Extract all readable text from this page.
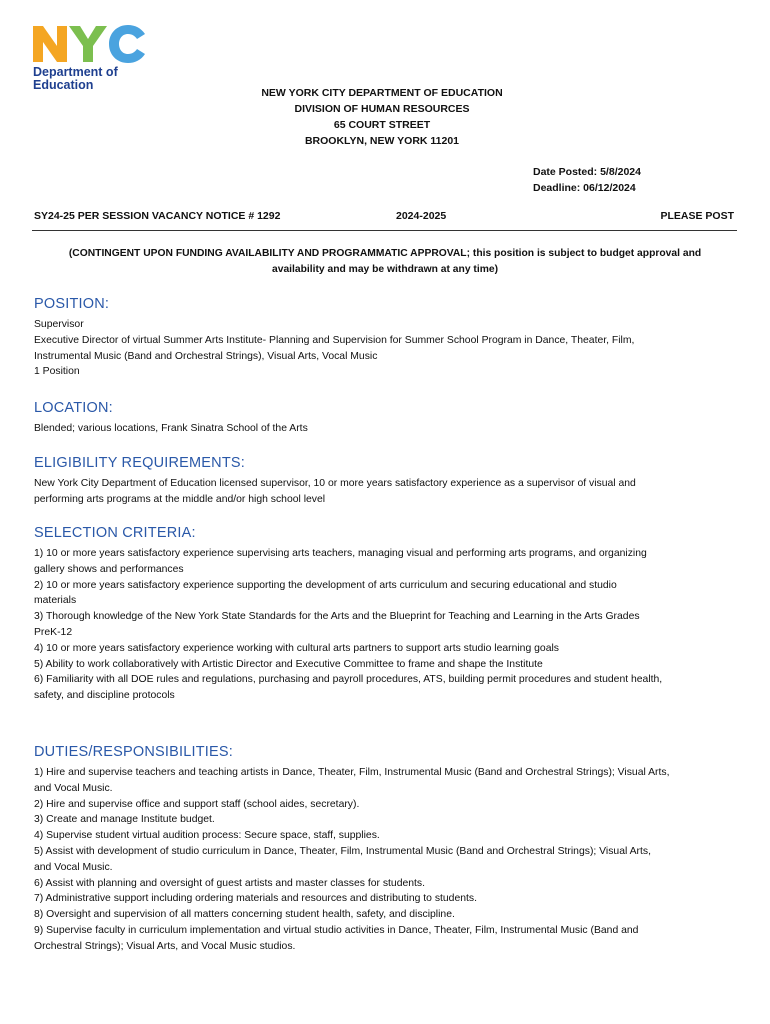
Department of
Education
NEW YORK CITY DEPARTMENT OF EDUCATION
DIVISION OF HUMAN RESOURCES
65 COURT STREET
BROOKLYN, NEW YORK 11201
Date Posted: 5/8/2024
Deadline: 06/12/2024
SY24-25 PER SESSION VACANCY NOTICE # 1292	2024-2025	PLEASE POST
(CONTINGENT UPON FUNDING AVAILABILITY AND PROGRAMMATIC APPROVAL; this position is subject to budget approval and
availability and may be withdrawn at any time)
POSITION:
Supervisor
Executive Director of virtual Summer Arts Institute- Planning and Supervision for Summer School Program in Dance, Theater, Film,
Instrumental Music (Band and Orchestral Strings), Visual Arts, Vocal Music
1 Position
LOCATION:
Blended; various locations, Frank Sinatra School of the Arts
ELIGIBILITY REQUIREMENTS:
New York City Department of Education licensed supervisor, 10 or more years satisfactory experience as a supervisor of visual and
performing arts programs at the middle and/or high school level
SELECTION CRITERIA:
1) 10 or more years satisfactory experience supervising arts teachers, managing visual and performing arts programs, and organizing
gallery shows and performances
2) 10 or more years satisfactory experience supporting the development of arts curriculum and securing educational and studio
materials
3) Thorough knowledge of the New York State Standards for the Arts and the Blueprint for Teaching and Learning in the Arts Grades
PreK-12
4) 10 or more years satisfactory experience working with cultural arts partners to support arts studio learning goals
5) Ability to work collaboratively with Artistic Director and Executive Committee to frame and shape the Institute
6) Familiarity with all DOE rules and regulations, purchasing and payroll procedures, ATS, building permit procedures and student health,
safety, and discipline protocols
DUTIES/RESPONSIBILITIES:
1) Hire and supervise teachers and teaching artists in Dance, Theater, Film, Instrumental Music (Band and Orchestral Strings); Visual Arts,
and Vocal Music.
2) Hire and supervise office and support staff (school aides, secretary).
3) Create and manage Institute budget.
4) Supervise student virtual audition process: Secure space, staff, supplies.
5) Assist with development of studio curriculum in Dance, Theater, Film, Instrumental Music (Band and Orchestral Strings); Visual Arts,
and Vocal Music.
6) Assist with planning and oversight of guest artists and master classes for students.
7) Administrative support including ordering materials and resources and distributing to students.
8) Oversight and supervision of all matters concerning student health, safety, and discipline.
9) Supervise faculty in curriculum implementation and virtual studio activities in Dance, Theater, Film, Instrumental Music (Band and
Orchestral Strings); Visual Arts, and Vocal Music studios.
